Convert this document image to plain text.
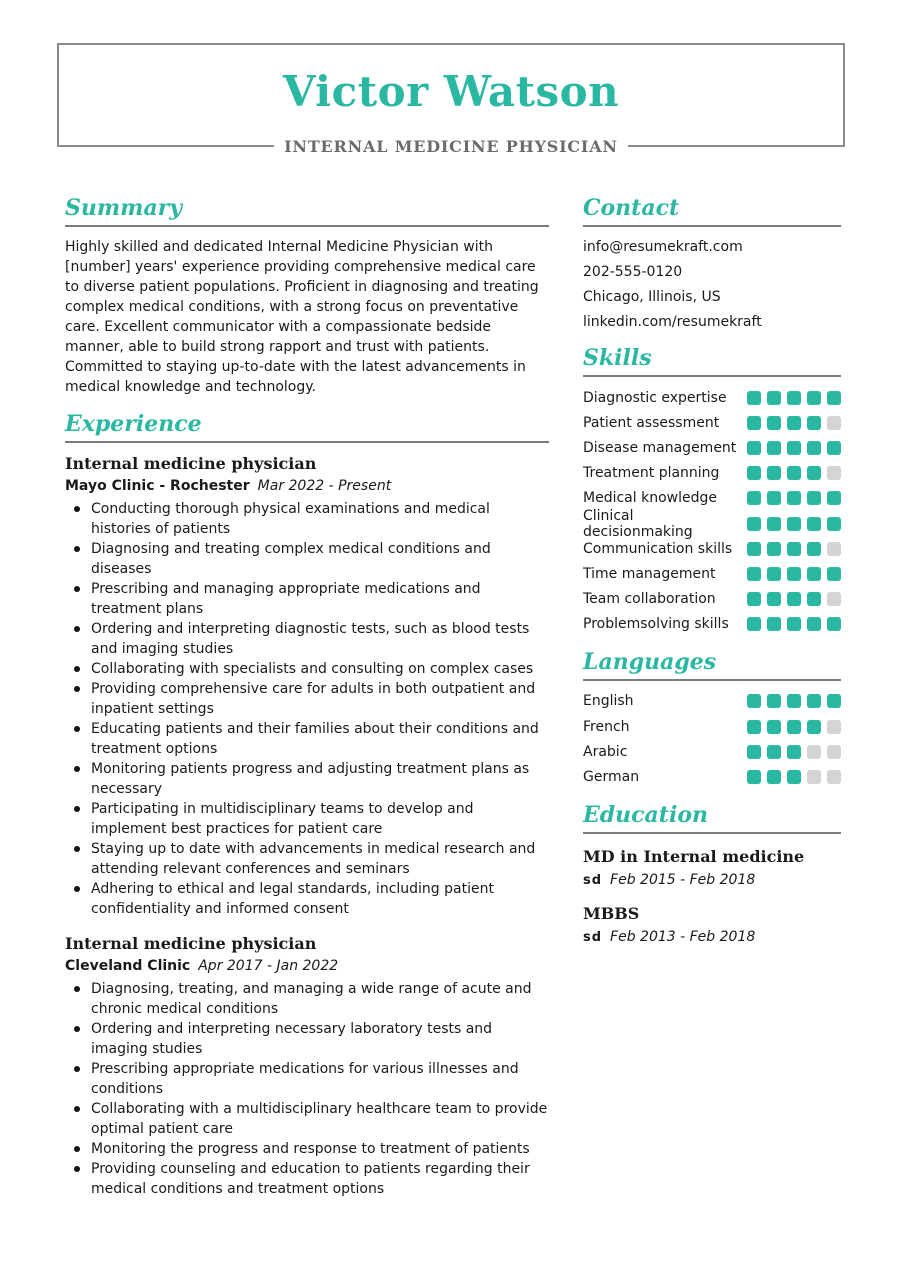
Victor Watson
INTERNAL MEDICINE PHYSICIAN
Summary

Highly skilled and dedicated Internal Medicine Physician with [number] years' experience providing comprehensive medical care to diverse patient populations. Proficient in diagnosing and treating complex medical conditions, with a strong focus on preventative care. Excellent communicator with a compassionate bedside manner, able to build strong rapport and trust with patients. Committed to staying up-to-date with the latest advancements in medical knowledge and technology.

Experience
Internal medicine physician
Mayo Clinic - Rochester Mar 2022 - Present
Conducting thorough physical examinations and medical histories of patients
Diagnosing and treating complex medical conditions and diseases
Prescribing and managing appropriate medications and treatment plans
Ordering and interpreting diagnostic tests, such as blood tests and imaging studies
Collaborating with specialists and consulting on complex cases
Providing comprehensive care for adults in both outpatient and inpatient settings
Educating patients and their families about their conditions and treatment options
Monitoring patients progress and adjusting treatment plans as necessary
Participating in multidisciplinary teams to develop and implement best practices for patient care
Staying up to date with advancements in medical research and attending relevant conferences and seminars
Adhering to ethical and legal standards, including patient confidentiality and informed consent
Internal medicine physician
Cleveland Clinic Apr 2017 - Jan 2022
Diagnosing, treating, and managing a wide range of acute and chronic medical conditions
Ordering and interpreting necessary laboratory tests and imaging studies
Prescribing appropriate medications for various illnesses and conditions
Collaborating with a multidisciplinary healthcare team to provide optimal patient care
Monitoring the progress and response to treatment of patients
Providing counseling and education to patients regarding their medical conditions and treatment options
Contact
info@resumekraft.com
202-555-0120
Chicago, Illinois, US
linkedin.com/resumekraft
Skills
Diagnostic expertise
Patient assessment
Disease management
Treatment planning
Medical knowledge
Clinical decisionmaking
Communication skills
Time management
Team collaboration
Problemsolving skills
Languages
English
French
Arabic
German
Education
MD in Internal medicine
sd Feb 2015 - Feb 2018
MBBS
sd Feb 2013 - Feb 2018
